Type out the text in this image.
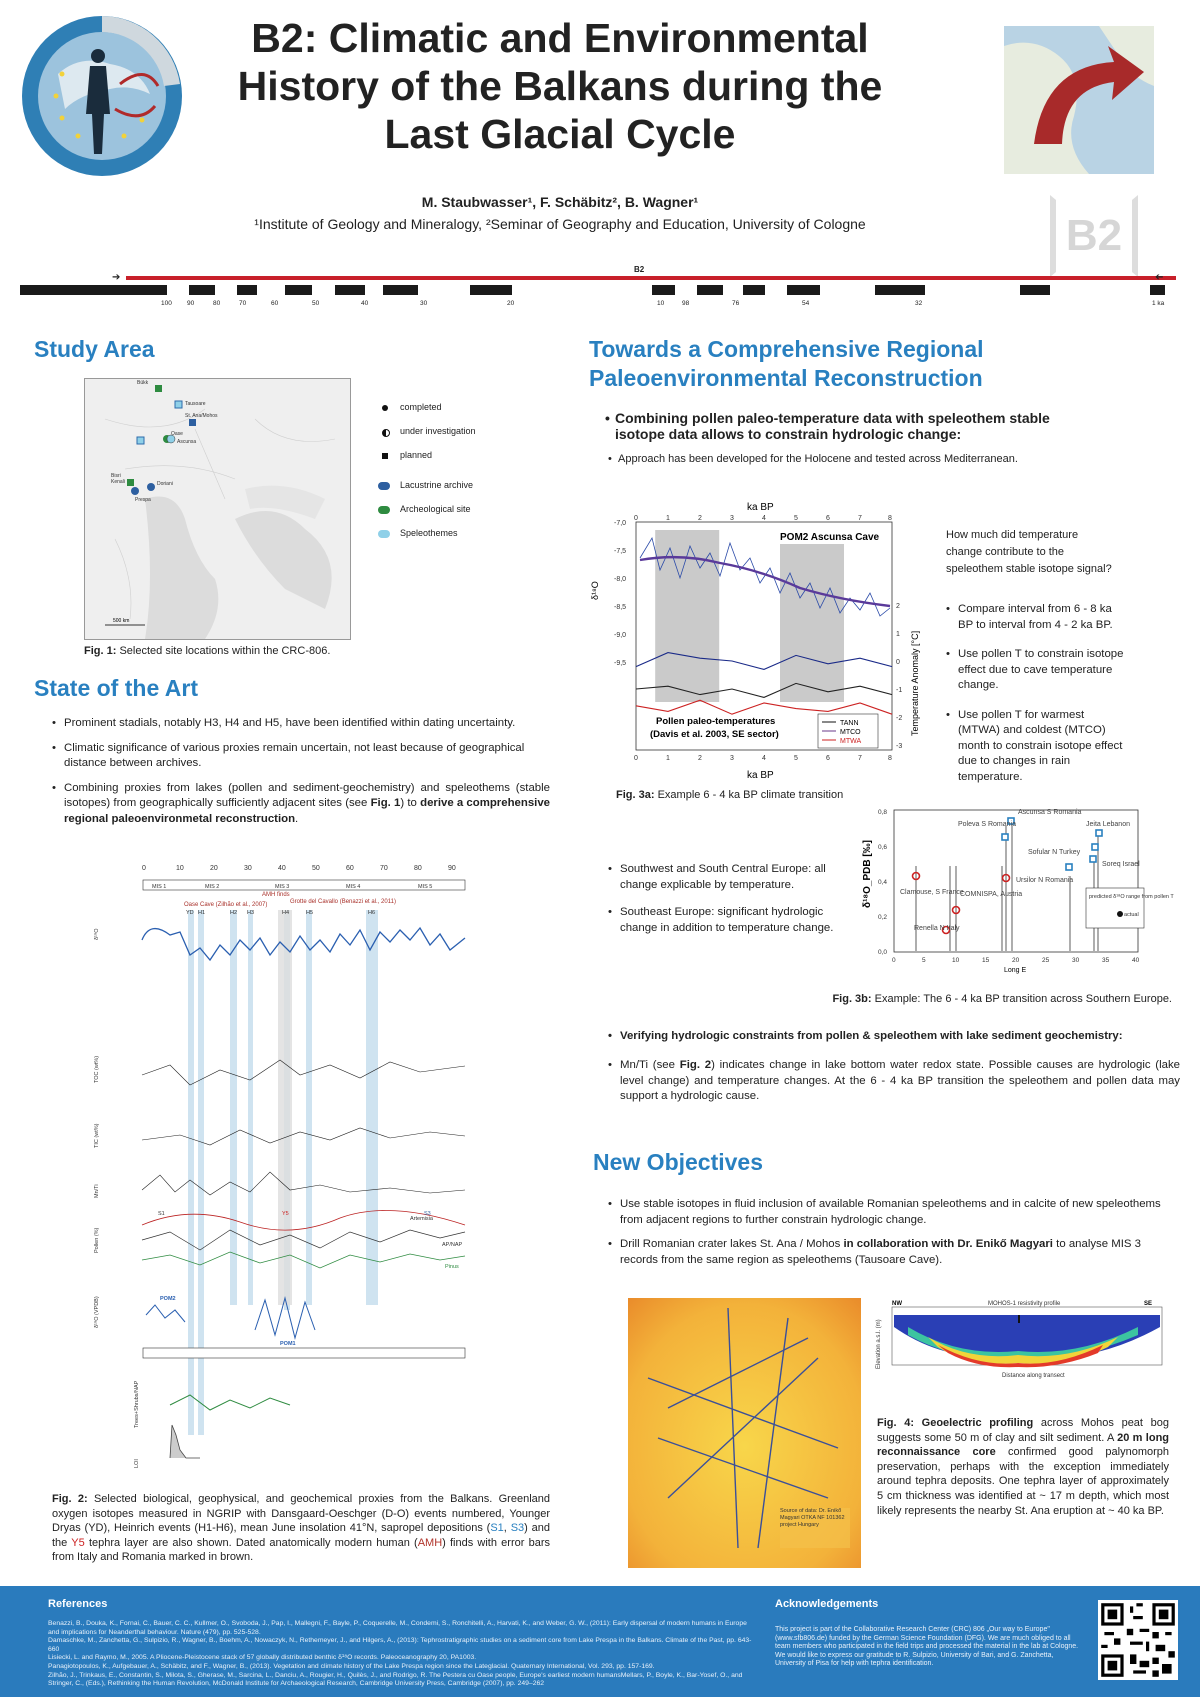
B2: Climatic and Environmental
History of the Balkans during the
Last Glacial Cycle
M. Staubwasser¹, F. Schäbitz², B. Wagner¹
¹Institute of Geology and Mineralogy, ²Seminar of Geography and Education, University of Cologne	B2
B2
➔	➔
100 90	80	70	60	50	40	30	20	10	98	76	54	32	1 ka
Study Area
Bükk
Tausoare
St. Ana/Mohos
Oase
Ascunsa
Bisri
Kenali	Doriani
Prespa
500 km
completed
under investigation
planned
Lacustrine archive
Archeological site
Speleothemes
Fig. 1: Selected site locations within the CRC-806.
State of the Art
• Prominent stadials, notably H3, H4 and H5, have been identified within dating uncertainty.
• Climatic significance of various proxies remain uncertain, not least because of geographical distance between archives.
• Combining proxies from lakes (pollen and sediment-geochemistry) and speleothems (stable isotopes) from geographically sufficiently adjacent sites (see Fig. 1) to derive a comprehensive regional paleoenvironmetal reconstruction.
0	10	20	30	40	50	60	70	80	90
MIS 1	MIS 2	MIS 3	MIS 4	MIS 5
AMH finds
Oase Cave (Zilhão et al., 2007)	Grotte del Cavallo (Benazzi et al., 2011)
YD H1	H2 H3	H4	H5	H6
Artemisia
AP/NAP
Pinus
S1	S3
Y5
POM2
POM1
δ¹⁸O
TOC (wt%)
TIC (wt%)
Mn/Ti
Pollen (%)
δ¹⁸O (VPDB)
Trees+Shrubs/NAP
LOI
Fig. 2: Selected biological, geophysical, and geochemical proxies from the Balkans. Greenland oxygen isotopes measured in NGRIP with Dansgaard-Oeschger (D-O) events numbered, Younger Dryas (YD), Heinrich events (H1-H6), mean June insolation 41°N, sapropel depositions (S1, S3) and the Y5 tephra layer are also shown. Dated anatomically modern human (AMH) finds with error bars from Italy and Romania marked in brown.
Towards a Comprehensive Regional
Paleoenvironmental Reconstruction
• Combining pollen paleo-temperature data with speleothem stable isotope data allows to constrain hydrologic change:
• Approach has been developed for the Holocene and tested across Mediterranean.
ka BP
ka BP
0	1	2	3	4	5	6	7	8
0	1	2	3	4	5	6	7	8
-7,0
-7,5
-8,0
-8,5
-9,0
-9,5
2
1
0
-1
-2
-3
δ¹⁸O
Temperature Anomaly [°C]
POM2 Ascunsa Cave
Pollen paleo-temperatures
(Davis et al. 2003, SE sector)
TANN
MTCO
MTWA
Fig. 3a: Example 6 - 4 ka BP climate transition
How much did temperature change contribute to the speleothem stable isotope signal?
• Compare interval from 6 - 8 ka BP to interval from 4 - 2 ka BP.
• Use pollen T to constrain isotope effect due to cave temperature change.
• Use pollen T for warmest (MTWA) and coldest (MTCO) month to constrain isotope effect due to changes in rain temperature.
• Southwest and South Central Europe: all change explicable by temperature.
• Southeast Europe: significant hydrologic change in addition to temperature change.
0,8
0,6
0,4
0,2
0,0
0	5	10	15	20	25	30	35	40
Long E
δ¹⁸O_PDB [‰]
Ascunsa S Romania
Poleva S Romania	Jeita Lebanon
Sofular N Turkey
Soreq Israel
Clamouse, S France
COMNISPA, Austria
Ursilor N Romania
Renella N Italy
predicted δ¹⁸O range from pollen T
actual
Fig. 3b: Example: The 6 - 4 ka BP transition across Southern Europe.
• Verifying hydrologic constraints from pollen & speleothem with lake sediment geochemistry:
• Mn/Ti (see Fig. 2) indicates change in lake bottom water redox state. Possible causes are hydrologic (lake level change) and temperature changes. At the 6 - 4 ka BP transition the speleothem and pollen data may support a hydrologic cause.
New Objectives
• Use stable isotopes in fluid inclusion of available Romanian speleothems and in calcite of new speleothems from adjacent regions to further constrain hydrologic change.
• Drill Romanian crater lakes St. Ana / Mohos in collaboration with Dr. Enikő Magyari to analyse MIS 3 records from the same region as speleothems (Tausoare Cave).
Source of data: Dr. Enikő Magyari OTKA NF 101362 project Hungary
MOHOS-1 resistivity profile
NW	SE
Distance along transect
Elevation a.s.l. (m)
Fig. 4: Geoelectric profiling across Mohos peat bog suggests some 50 m of clay and silt sediment. A 20 m long reconnaissance core confirmed good palynomorph preservation, perhaps with the exception immediately around tephra deposits. One tephra layer of approximately 5 cm thickness was identified at ~ 17 m depth, which most likely represents the nearby St. Ana eruption at ~ 40 ka BP.
References
Benazzi, B., Douka, K., Fornai, C., Bauer, C. C., Kullmer, O., Svoboda, J., Pap, I., Mallegni, F., Bayle, P., Coquerelle, M., Condemi, S., Ronchitelli, A., Harvati, K., and Weber, G. W., (2011): Early dispersal of modern humans in Europe and implications for Neanderthal behaviour. Nature (479), pp. 525-528.
Damaschke, M., Zanchetta, G., Sulpizio, R., Wagner, B., Boehm, A., Nowaczyk, N., Rethemeyer, J., and Hilgers, A., (2013): Tephrostratigraphic studies on a sediment core from Lake Prespa in the Balkans. Climate of the Past, pp. 643-660
Lisiecki, L. and Raymo, M., 2005. A Pliocene-Pleistocene stack of 57 globally distributed benthic δ¹⁸O records. Paleoceanography 20, PA1003.
Panagiotopoulos, K., Aufgebauer, A., Schäbitz, and F., Wagner, B., (2013). Vegetation and climate history of the Lake Prespa region since the Lateglacial. Quaternary International, Vol. 293, pp. 157-169.
Zilhão, J., Trinkaus, E., Constantin, S., Milota, S., Gherase, M., Sarcina, L., Danciu, A., Rougier, H., Quilès, J., and Rodrigo, R. The Pestera cu Oase people, Europe's earliest modern humansMellars, P., Boyle, K., Bar-Yosef, O., and Stringer, C., (Eds.), Rethinking the Human Revolution, McDonald Institute for Archaeological Research, Cambridge University Press, Cambridge (2007), pp. 249–262
Acknowledgements
This project is part of the Collaborative Research Center (CRC) 806 „Our way to Europe" (www.sfb806.de) funded by the German Science Foundation (DFG). We are much obliged to all team members who participated in the field trips and processed the material in the lab at Cologne. We would like to express our gratitude to R. Sulpizio, University of Bari, and G. Zanchetta, University of Pisa for help with tephra identification.
